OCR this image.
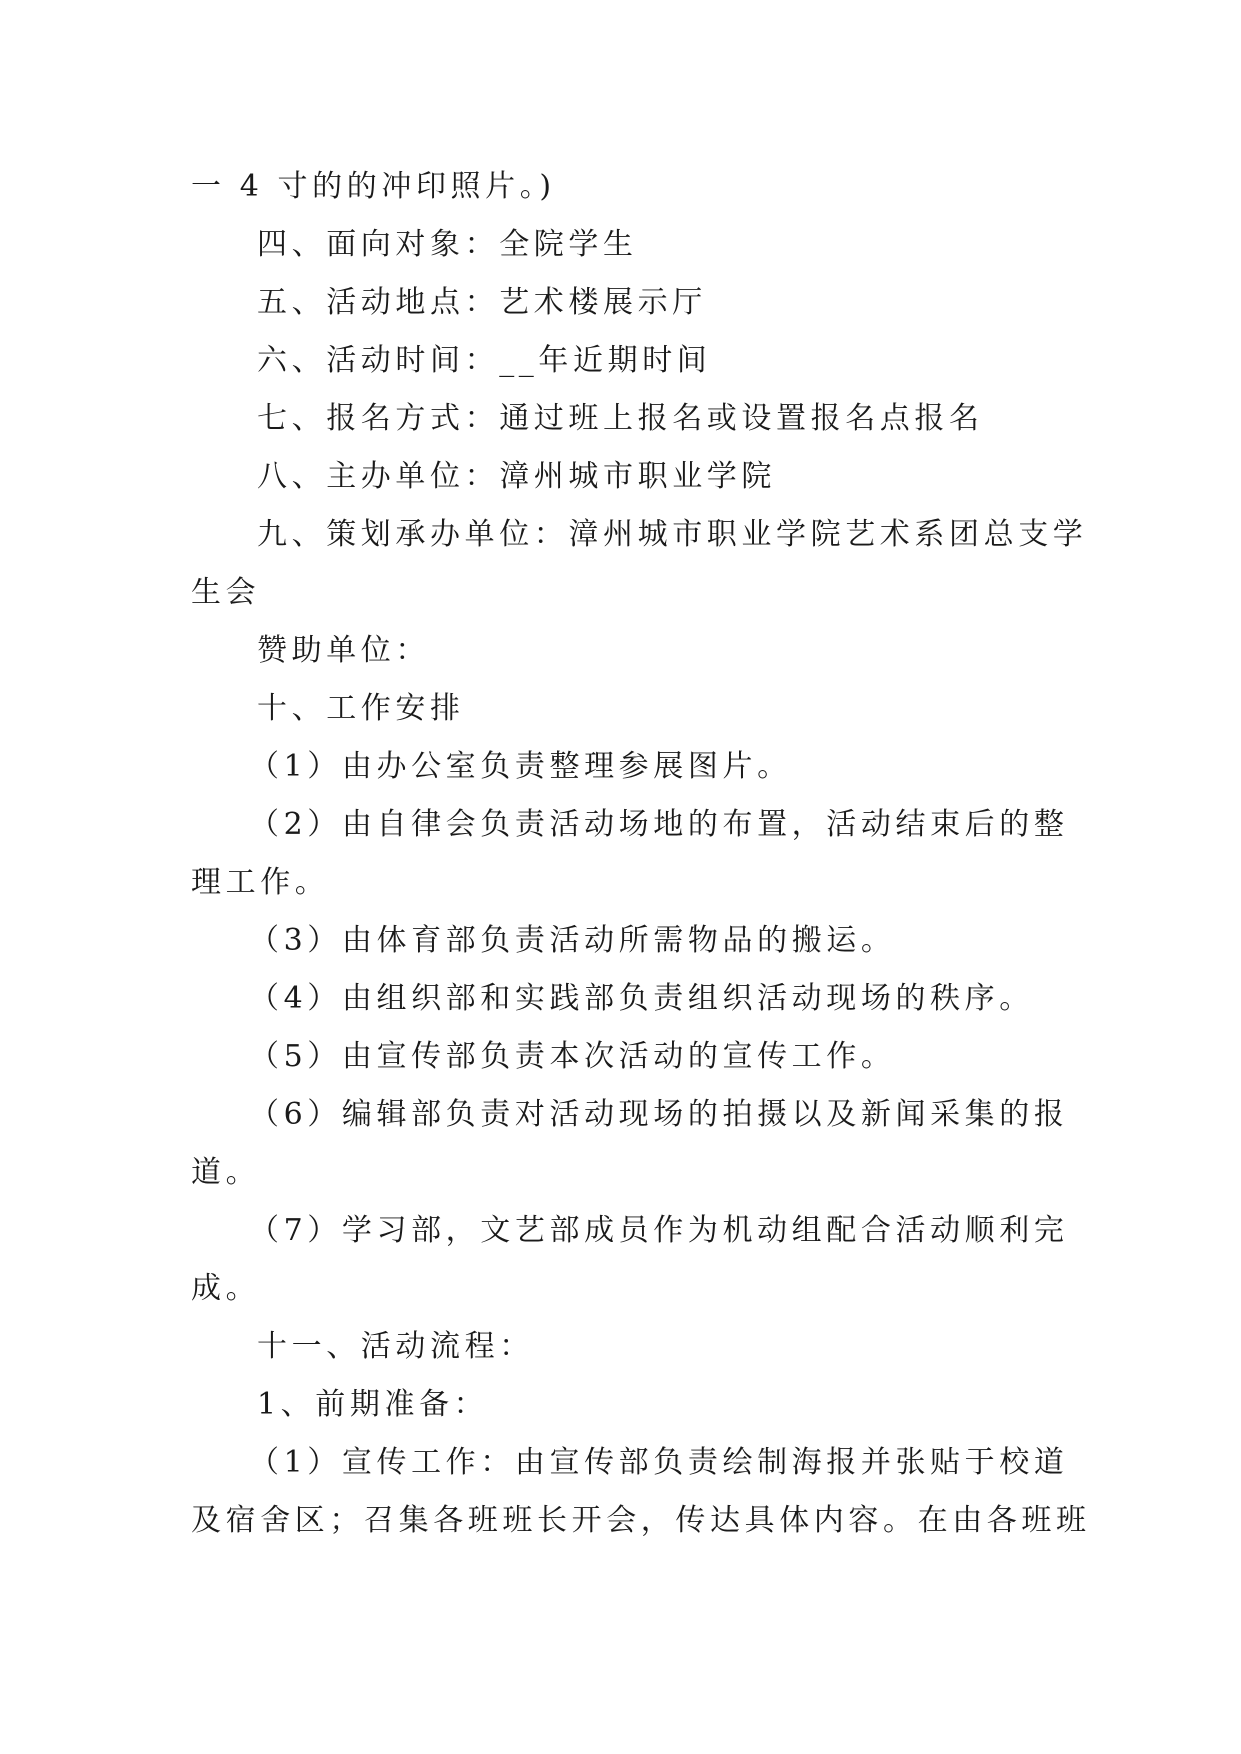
一 4 寸的的冲印照片。)
四、面向对象：全院学生
五、活动地点：艺术楼展示厅
六、活动时间：__年近期时间
七、报名方式：通过班上报名或设置报名点报名
八、主办单位：漳州城市职业学院
九、策划承办单位：漳州城市职业学院艺术系团总支学
生会
赞助单位：
十、工作安排
（1）由办公室负责整理参展图片。
（2）由自律会负责活动场地的布置，活动结束后的整
理工作。
（3）由体育部负责活动所需物品的搬运。
（4）由组织部和实践部负责组织活动现场的秩序。
（5）由宣传部负责本次活动的宣传工作。
（6）编辑部负责对活动现场的拍摄以及新闻采集的报
道。
（7）学习部，文艺部成员作为机动组配合活动顺利完
成。
十一、活动流程：
1、前期准备：
（1）宣传工作：由宣传部负责绘制海报并张贴于校道
及宿舍区；召集各班班长开会，传达具体内容。在由各班班
